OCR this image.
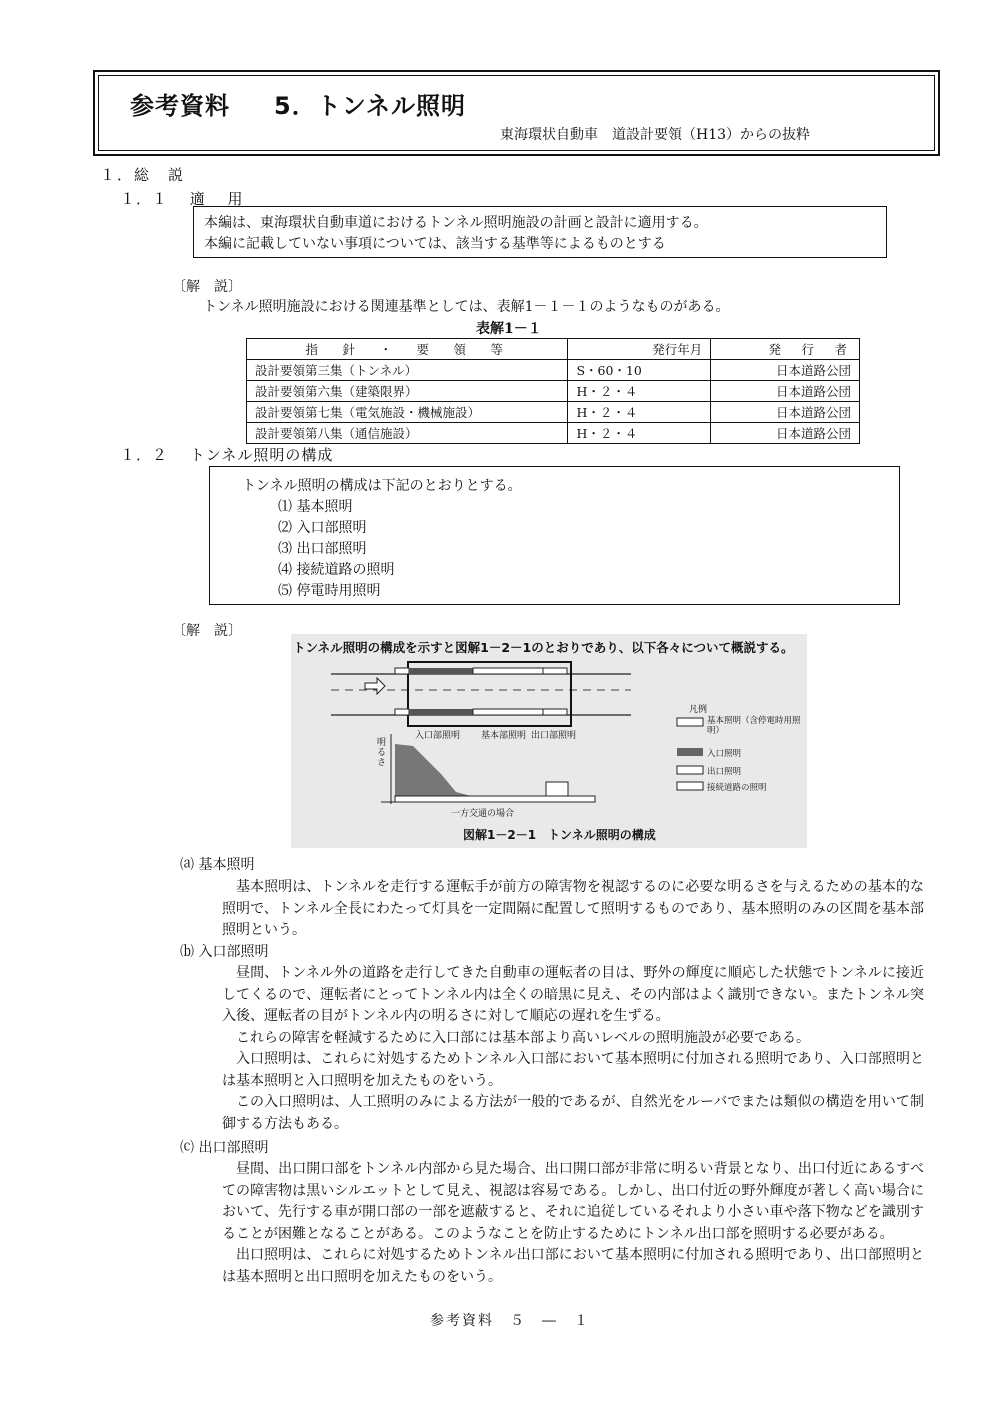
参考資料 5．トンネル照明
東海環状自動車　道設計要領（H13）からの抜粋
１．総　説
１．１　 適　 用

本編は、東海環状自動車道におけるトンネル照明施設の計画と設計に適用する。

本編に記載していない事項については、該当する基準等によるものとする

〔解　説〕
トンネル照明施設における関連基準としては、表解1－１－１のようなものがある。
表解1－１
指　針　・　要　領　等	発行年月	発　行　者
設計要領第三集（トンネル）	S・60・10	日本道路公団
設計要領第六集（建築限界）	H・２・４	日本道路公団
設計要領第七集（電気施設・機械施設）	H・２・４	日本道路公団
設計要領第八集（通信施設）	H・２・４	日本道路公団
１．２　 トンネル照明の構成

トンネル照明の構成は下記のとおりとする。

⑴ 基本照明

⑵ 入口部照明

⑶ 出口部照明

⑷ 接続道路の照明

⑸ 停電時用照明

〔解　説〕
トンネル照明の構成を示すと図解1－2－1のとおりであり、以下各々について概説する。
入口部照明 基本部照明 出口部照明
明るさ
一方交通の場合
図解1－2－1　トンネル照明の構成
凡例
基本照明（含停電時用照明）
入口照明
出口照明
接続道路の照明
⒜ 基本照明

基本照明は、トンネルを走行する運転手が前方の障害物を視認するのに必要な明るさを与えるための基本的な照明で、トンネル全長にわたって灯具を一定間隔に配置して照明するものであり、基本照明のみの区間を基本部照明という。

⒝ 入口部照明

昼間、トンネル外の道路を走行してきた自動車の運転者の目は、野外の輝度に順応した状態でトンネルに接近してくるので、運転者にとってトンネル内は全くの暗黒に見え、その内部はよく識別できない。またトンネル突入後、運転者の目がトンネル内の明るさに対して順応の遅れを生ずる。

これらの障害を軽減するために入口部には基本部より高いレベルの照明施設が必要である。

入口照明は、これらに対処するためトンネル入口部において基本照明に付加される照明であり、入口部照明とは基本照明と入口照明を加えたものをいう。

この入口照明は、人工照明のみによる方法が一般的であるが、自然光をルーバでまたは類似の構造を用いて制御する方法もある。

⒞ 出口部照明

昼間、出口開口部をトンネル内部から見た場合、出口開口部が非常に明るい背景となり、出口付近にあるすべての障害物は黒いシルエットとして見え、視認は容易である。しかし、出口付近の野外輝度が著しく高い場合において、先行する車が開口部の一部を遮蔽すると、それに追従しているそれより小さい車や落下物などを識別することが困難となることがある。このようなことを防止するためにトンネル出口部を照明する必要がある。

出口照明は、これらに対処するためトンネル出口部において基本照明に付加される照明であり、出口部照明とは基本照明と出口照明を加えたものをいう。

参考資料　５　―　１
